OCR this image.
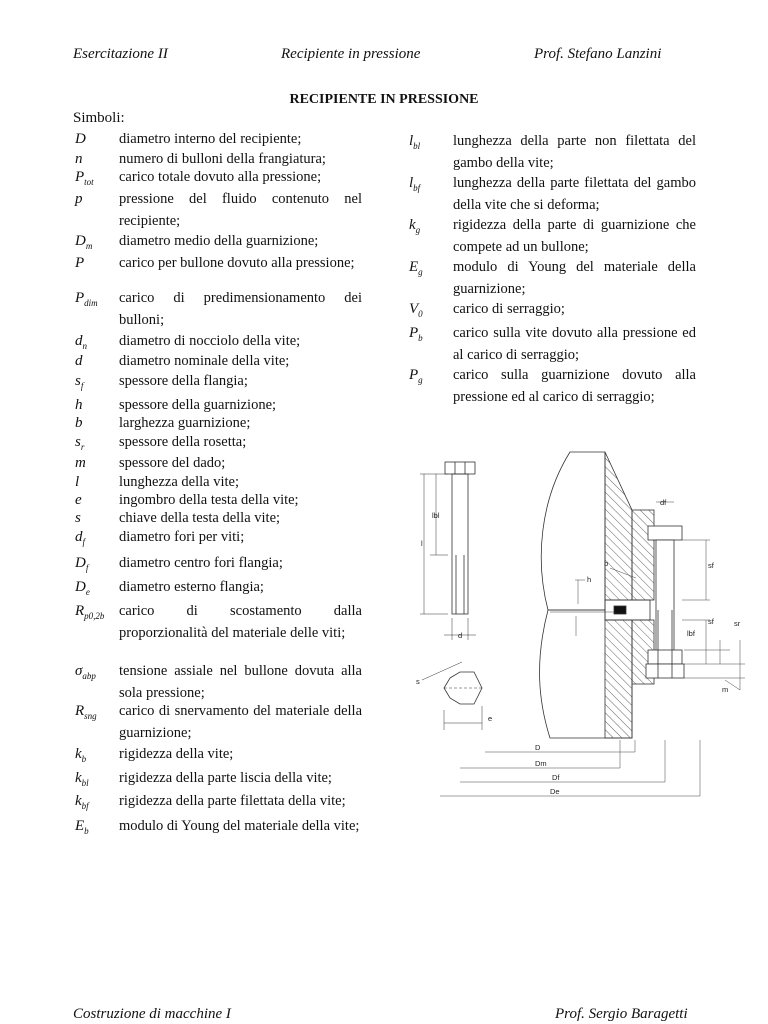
Esercitazione II	Recipiente in pressione	Prof. Stefano Lanzini
RECIPIENTE IN PRESSIONE
Simboli:
D diametro interno del recipiente;
n	numero di bulloni della frangiatura;
$P_{tot}$ carico totale dovuto alla pressione;
p	pressione del fluido contenuto nel recipiente;
$D_m$ diametro medio della guarnizione;
P carico per bullone dovuto alla pressione;
$P_{dim}$ carico di predimensionamento dei bulloni;
$d_n$ diametro di nocciolo della vite;
d	diametro nominale della vite;
$s_f$ spessore della flangia;
h	spessore della guarnizione;
b	larghezza guarnizione;
$s_r$ spessore della rosetta;
m spessore del dado;
l	lunghezza della vite;
e	ingombro della testa della vite;
s	chiave della testa della vite;
$d_f$ diametro fori per viti;
$D_f$ diametro centro fori flangia;
$D_e$ diametro esterno flangia;
$R_{p0,2b}$ carico di scostamento dalla proporzionalità del materiale delle viti;
$\sigma_{abp}$ tensione assiale nel bullone dovuta alla sola pressione;
$R_{sng}$ carico di snervamento del materiale della guarnizione;
$k_b$ rigidezza della vite;
$k_{bl}$ rigidezza della parte liscia della vite;
$k_{bf}$ rigidezza della parte filettata della vite;
$E_b$ modulo di Young del materiale della vite;
$l_{bl}$ lunghezza della parte non filettata del gambo della vite;
$l_{bf}$ lunghezza della parte filettata del gambo della vite che si deforma;
$k_g$ rigidezza della parte di guarnizione che compete ad un bullone;
$E_g$ modulo di Young del materiale della guarnizione;
$V_0$ carico di serraggio;
$P_b$ carico sulla vite dovuto alla pressione ed al carico di serraggio;
$P_g$ carico sulla guarnizione dovuto alla pressione ed al carico di serraggio;
lbl
l
d
s
e
df
b
h
sf
sf
lbf
sr
m
D
Dm
Df
De
Costruzione di macchine I	Prof. Sergio Baragetti
